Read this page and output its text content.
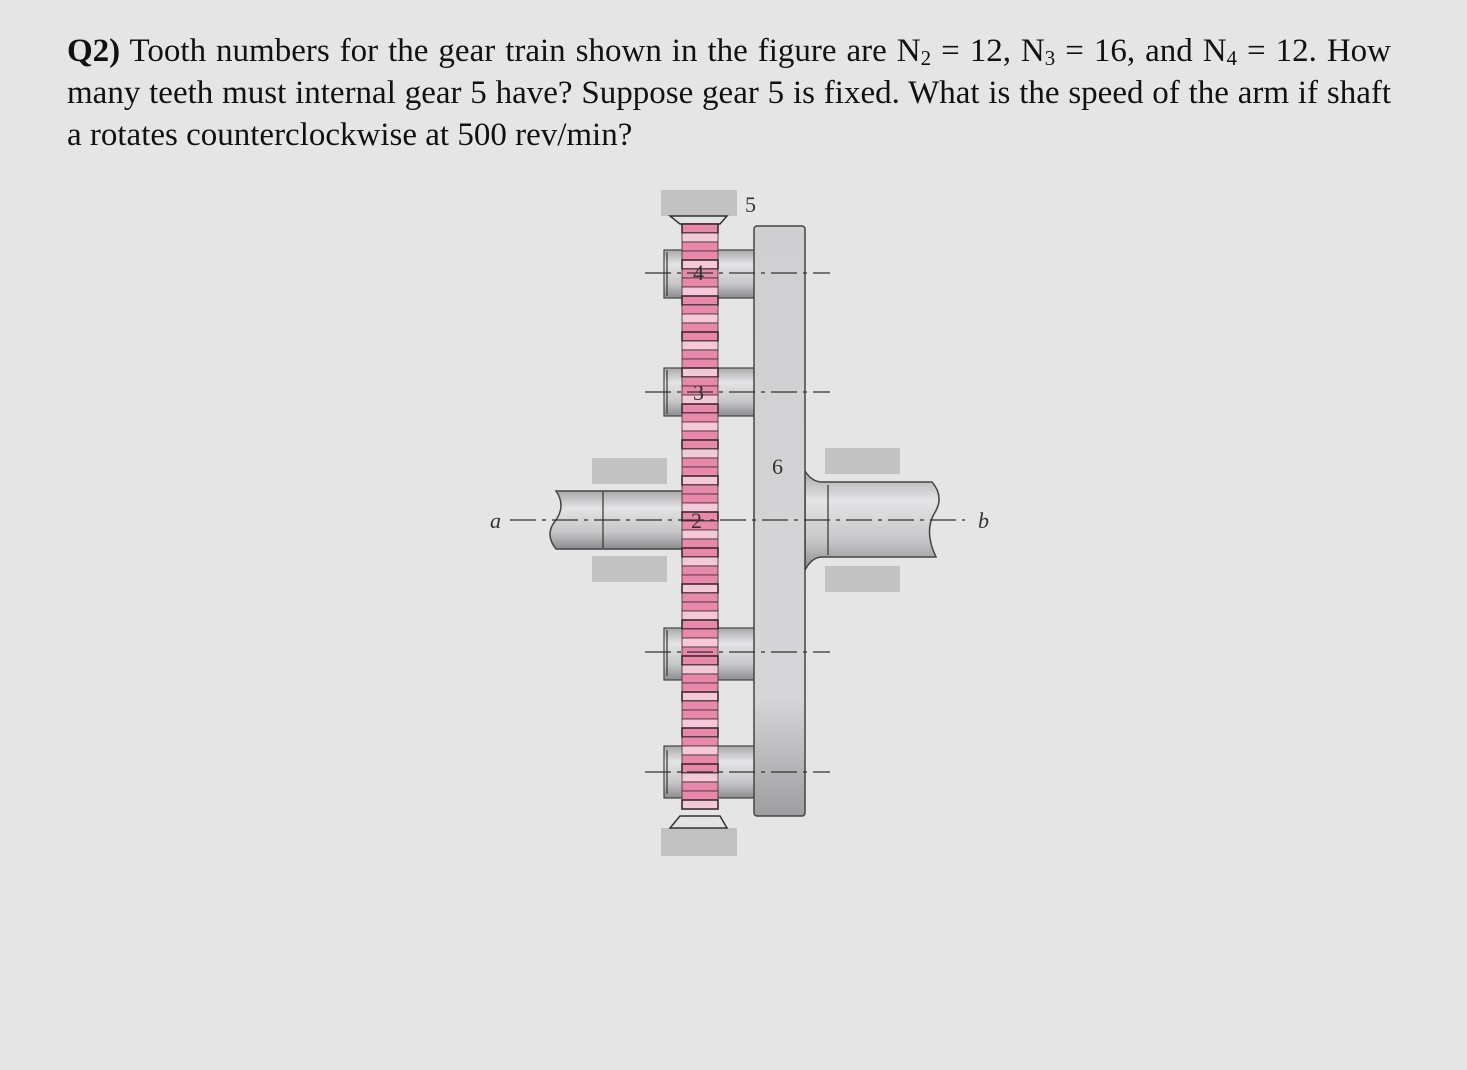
Q2) Tooth numbers for the gear train shown in the figure are $N_2 = 12$, $N_3 = 16$, and $N_4 = 12$. How many teeth must internal gear 5 have? Suppose gear 5 is fixed. What is the speed of the arm if shaft a rotates counterclockwise at 500 rev/min?
5
4
3
2
6
a	b
